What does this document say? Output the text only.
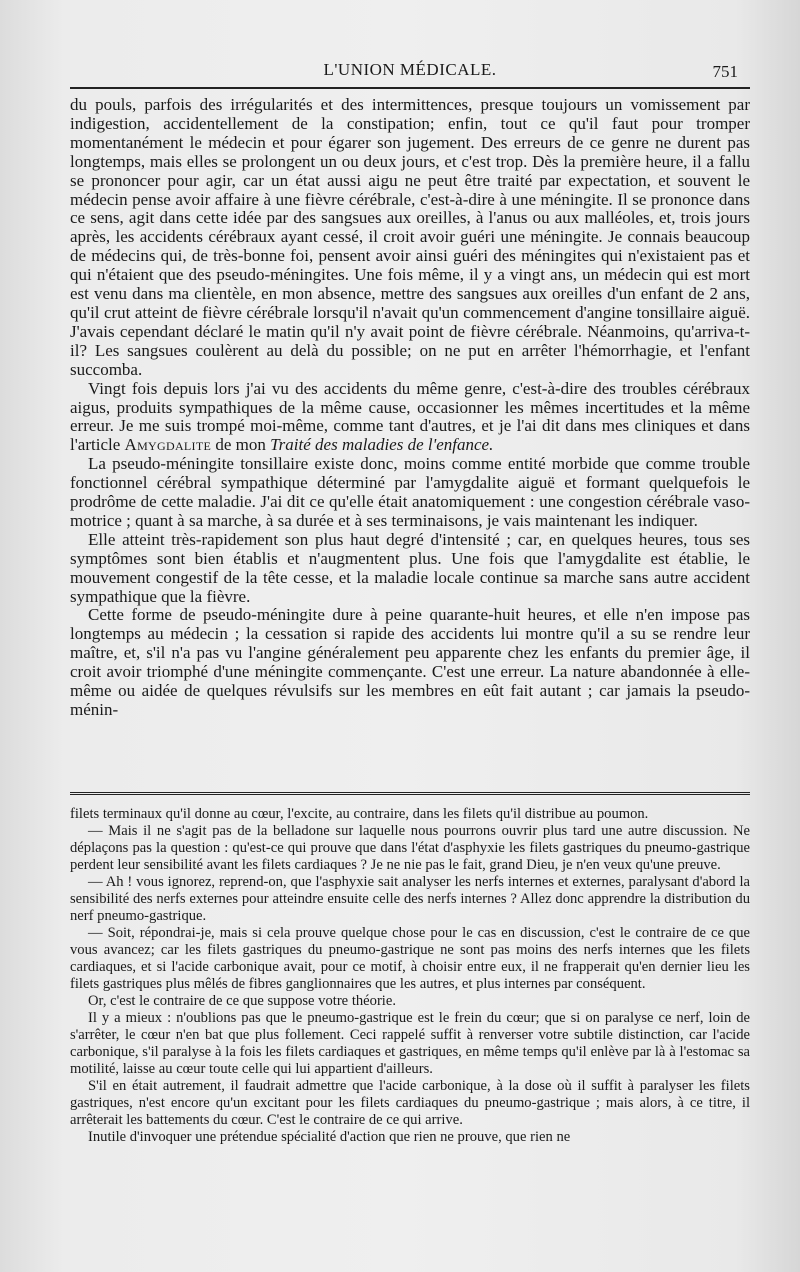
L'UNION MÉDICALE.	751

du pouls, parfois des irrégularités et des intermittences, presque toujours un vomissement par indigestion, accidentellement de la constipation; enfin, tout ce qu'il faut pour tromper momentanément le médecin et pour égarer son jugement. Des erreurs de ce genre ne durent pas longtemps, mais elles se prolongent un ou deux jours, et c'est trop. Dès la première heure, il a fallu se prononcer pour agir, car un état aussi aigu ne peut être traité par expectation, et souvent le médecin pense avoir affaire à une fièvre cérébrale, c'est-à-dire à une méningite. Il se prononce dans ce sens, agit dans cette idée par des sangsues aux oreilles, à l'anus ou aux malléoles, et, trois jours après, les accidents cérébraux ayant cessé, il croit avoir guéri une méningite. Je connais beaucoup de médecins qui, de très-bonne foi, pensent avoir ainsi guéri des méningites qui n'existaient pas et qui n'étaient que des pseudo-méningites. Une fois même, il y a vingt ans, un médecin qui est mort est venu dans ma clientèle, en mon absence, mettre des sangsues aux oreilles d'un enfant de 2 ans, qu'il crut atteint de fièvre cérébrale lorsqu'il n'avait qu'un commencement d'angine tonsillaire aiguë. J'avais cependant déclaré le matin qu'il n'y avait point de fièvre cérébrale. Néanmoins, qu'arriva-t-il? Les sangsues coulèrent au delà du possible; on ne put en arrêter l'hémorrhagie, et l'enfant succomba.

Vingt fois depuis lors j'ai vu des accidents du même genre, c'est-à-dire des troubles cérébraux aigus, produits sympathiques de la même cause, occasionner les mêmes incertitudes et la même erreur. Je me suis trompé moi-même, comme tant d'autres, et je l'ai dit dans mes cliniques et dans l'article Amygdalite de mon Traité des maladies de l'enfance.

La pseudo-méningite tonsillaire existe donc, moins comme entité morbide que comme trouble fonctionnel cérébral sympathique déterminé par l'amygdalite aiguë et formant quelquefois le prodrôme de cette maladie. J'ai dit ce qu'elle était anatomiquement : une congestion cérébrale vaso-motrice ; quant à sa marche, à sa durée et à ses terminaisons, je vais maintenant les indiquer.

Elle atteint très-rapidement son plus haut degré d'intensité ; car, en quelques heures, tous ses symptômes sont bien établis et n'augmentent plus. Une fois que l'amygdalite est établie, le mouvement congestif de la tête cesse, et la maladie locale continue sa marche sans autre accident sympathique que la fièvre.

Cette forme de pseudo-méningite dure à peine quarante-huit heures, et elle n'en impose pas longtemps au médecin ; la cessation si rapide des accidents lui montre qu'il a su se rendre leur maître, et, s'il n'a pas vu l'angine généralement peu apparente chez les enfants du premier âge, il croit avoir triomphé d'une méningite commençante. C'est une erreur. La nature abandonnée à elle-même ou aidée de quelques révulsifs sur les membres en eût fait autant ; car jamais la pseudo-ménin-

filets terminaux qu'il donne au cœur, l'excite, au contraire, dans les filets qu'il distribue au poumon.

— Mais il ne s'agit pas de la belladone sur laquelle nous pourrons ouvrir plus tard une autre discussion. Ne déplaçons pas la question : qu'est-ce qui prouve que dans l'état d'asphyxie les filets gastriques du pneumo-gastrique perdent leur sensibilité avant les filets cardiaques ? Je ne nie pas le fait, grand Dieu, je n'en veux qu'une preuve.

— Ah ! vous ignorez, reprend-on, que l'asphyxie sait analyser les nerfs internes et externes, paralysant d'abord la sensibilité des nerfs externes pour atteindre ensuite celle des nerfs internes ? Allez donc apprendre la distribution du nerf pneumo-gastrique.

— Soit, répondrai-je, mais si cela prouve quelque chose pour le cas en discussion, c'est le contraire de ce que vous avancez; car les filets gastriques du pneumo-gastrique ne sont pas moins des nerfs internes que les filets cardiaques, et si l'acide carbonique avait, pour ce motif, à choisir entre eux, il ne frapperait qu'en dernier lieu les filets gastriques plus mêlés de fibres ganglionnaires que les autres, et plus internes par conséquent.

Or, c'est le contraire de ce que suppose votre théorie.

Il y a mieux : n'oublions pas que le pneumo-gastrique est le frein du cœur; que si on paralyse ce nerf, loin de s'arrêter, le cœur n'en bat que plus follement. Ceci rappelé suffit à renverser votre subtile distinction, car l'acide carbonique, s'il paralyse à la fois les filets cardiaques et gastriques, en même temps qu'il enlève par là à l'estomac sa motilité, laisse au cœur toute celle qui lui appartient d'ailleurs.

S'il en était autrement, il faudrait admettre que l'acide carbonique, à la dose où il suffit à paralyser les filets gastriques, n'est encore qu'un excitant pour les filets cardiaques du pneumo-gastrique ; mais alors, à ce titre, il arrêterait les battements du cœur. C'est le contraire de ce qui arrive.

Inutile d'invoquer une prétendue spécialité d'action que rien ne prouve, que rien ne
